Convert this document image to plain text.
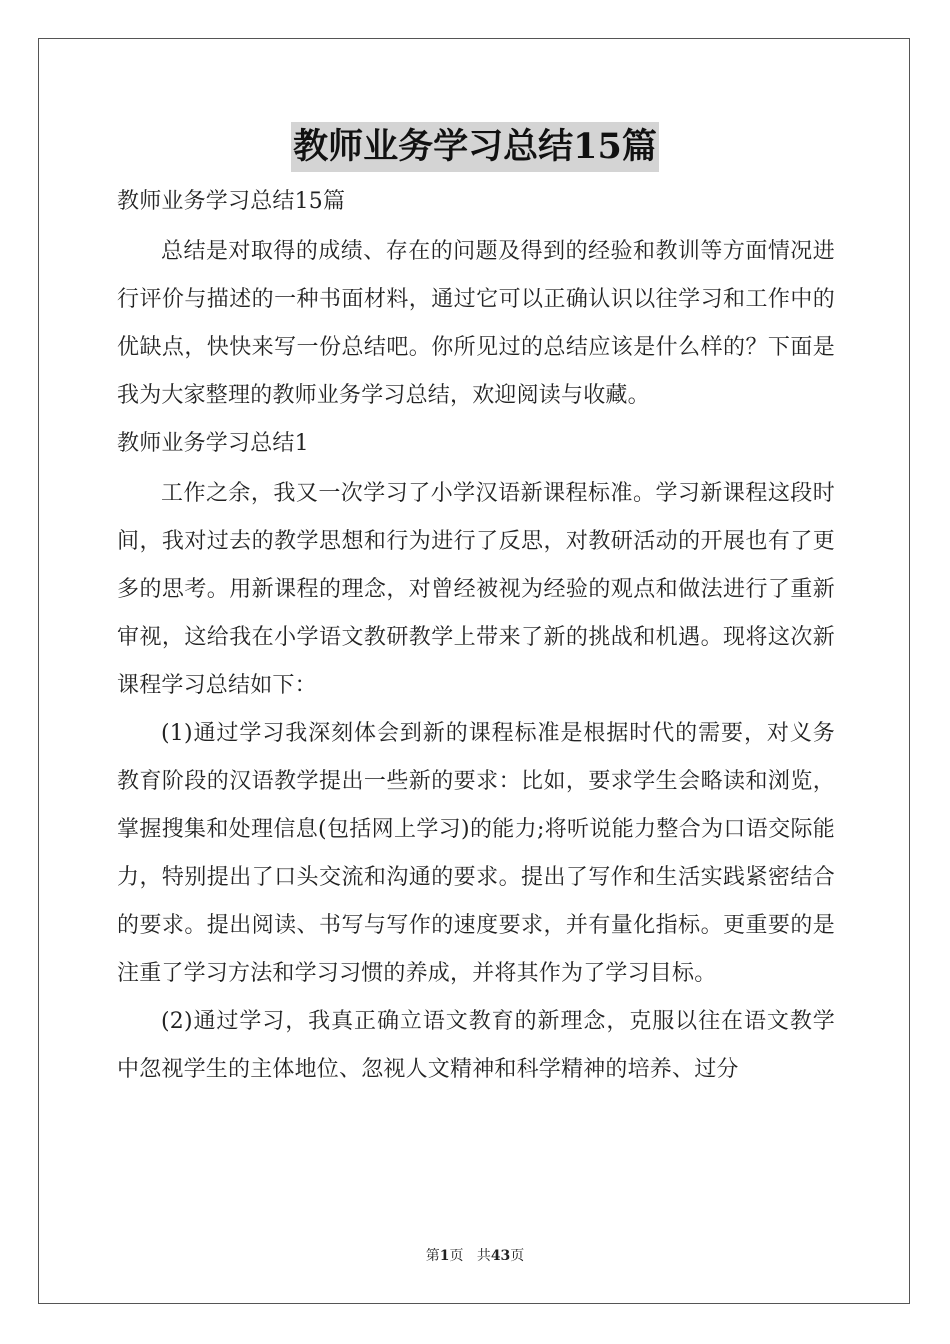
教师业务学习总结15篇

教师业务学习总结15篇

总结是对取得的成绩、存在的问题及得到的经验和教训等方面情况进行评价与描述的一种书面材料，通过它可以正确认识以往学习和工作中的优缺点，快快来写一份总结吧。你所见过的总结应该是什么样的？下面是我为大家整理的教师业务学习总结，欢迎阅读与收藏。

教师业务学习总结1

工作之余，我又一次学习了小学汉语新课程标准。学习新课程这段时间，我对过去的教学思想和行为进行了反思，对教研活动的开展也有了更多的思考。用新课程的理念，对曾经被视为经验的观点和做法进行了重新审视，这给我在小学语文教研教学上带来了新的挑战和机遇。现将这次新课程学习总结如下：

(1)通过学习我深刻体会到新的课程标准是根据时代的需要，对义务教育阶段的汉语教学提出一些新的要求：比如，要求学生会略读和浏览，掌握搜集和处理信息(包括网上学习)的能力;将听说能力整合为口语交际能力，特别提出了口头交流和沟通的要求。提出了写作和生活实践紧密结合的要求。提出阅读、书写与写作的速度要求，并有量化指标。更重要的是注重了学习方法和学习习惯的养成，并将其作为了学习目标。

(2)通过学习，我真正确立语文教育的新理念，克服以往在语文教学中忽视学生的主体地位、忽视人文精神和科学精神的培养、过分

第1页 共43页
